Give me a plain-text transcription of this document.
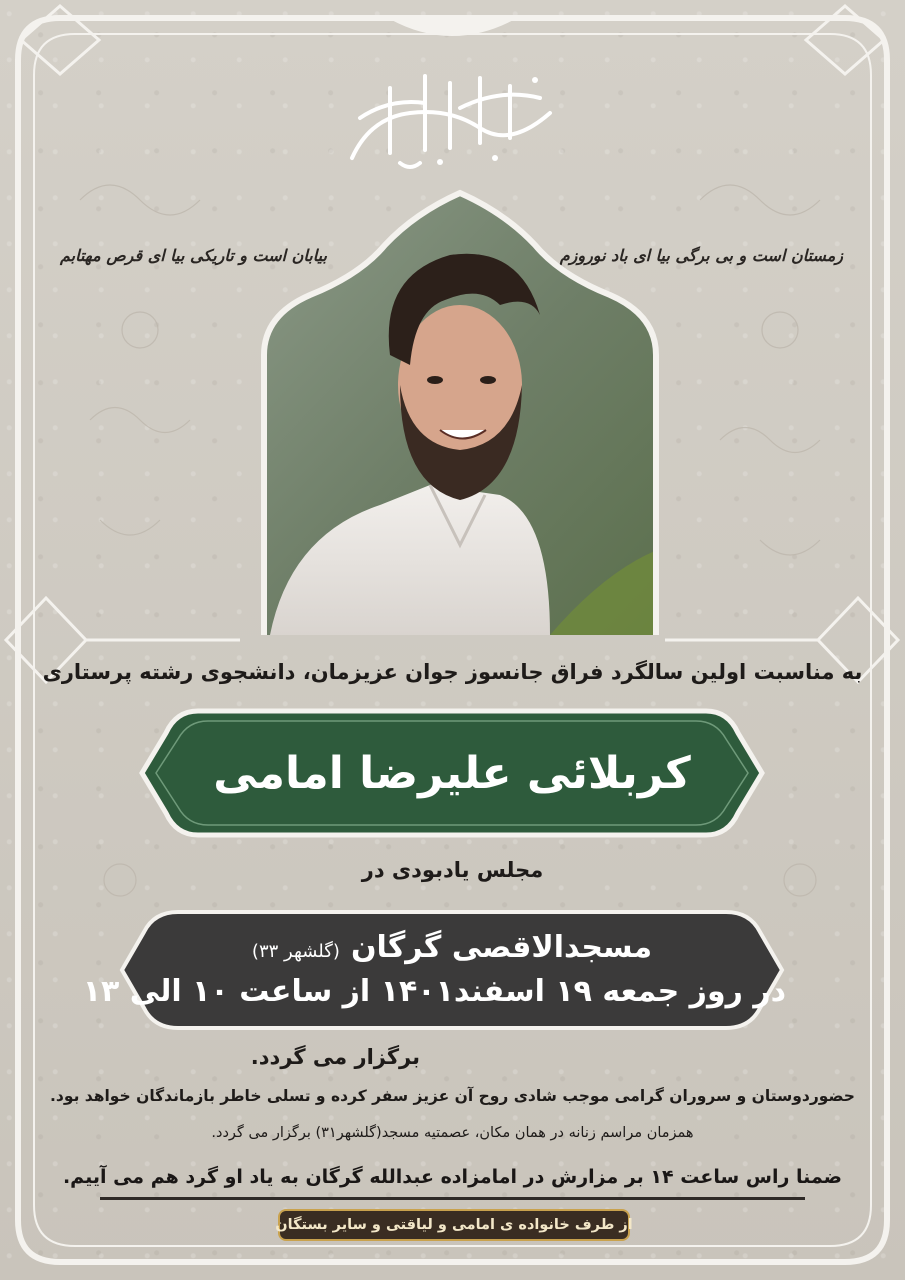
زمستان است و بی برگی بیا ای باد نوروزم
بیابان است و تاریکی بیا ای قرص مهتابم
به مناسبت اولین سالگرد فراق جانسوز جوان عزیزمان، دانشجوی رشته پرستاری
کربلائی علیرضا امامی
مجلس یادبودی در
مسجدالاقصی گرگان (گلشهر ۳۳)
در روز جمعه ۱۹ اسفند۱۴۰۱ از ساعت ۱۰ الی ۱۳
برگزار می گردد.
حضوردوستان و سروران گرامی موجب شادی روح آن عزیز سفر کرده و تسلی خاطر بازماندگان خواهد بود.
همزمان مراسم زنانه در همان مکان، عصمتیه مسجد(گلشهر۳۱) برگزار می گردد.
ضمنا راس ساعت ۱۴ بر مزارش در امامزاده عبدالله گرگان به یاد او گرد هم می آییم.
از طرف خانواده ی امامی و لیاقتی و سایر بستگان
